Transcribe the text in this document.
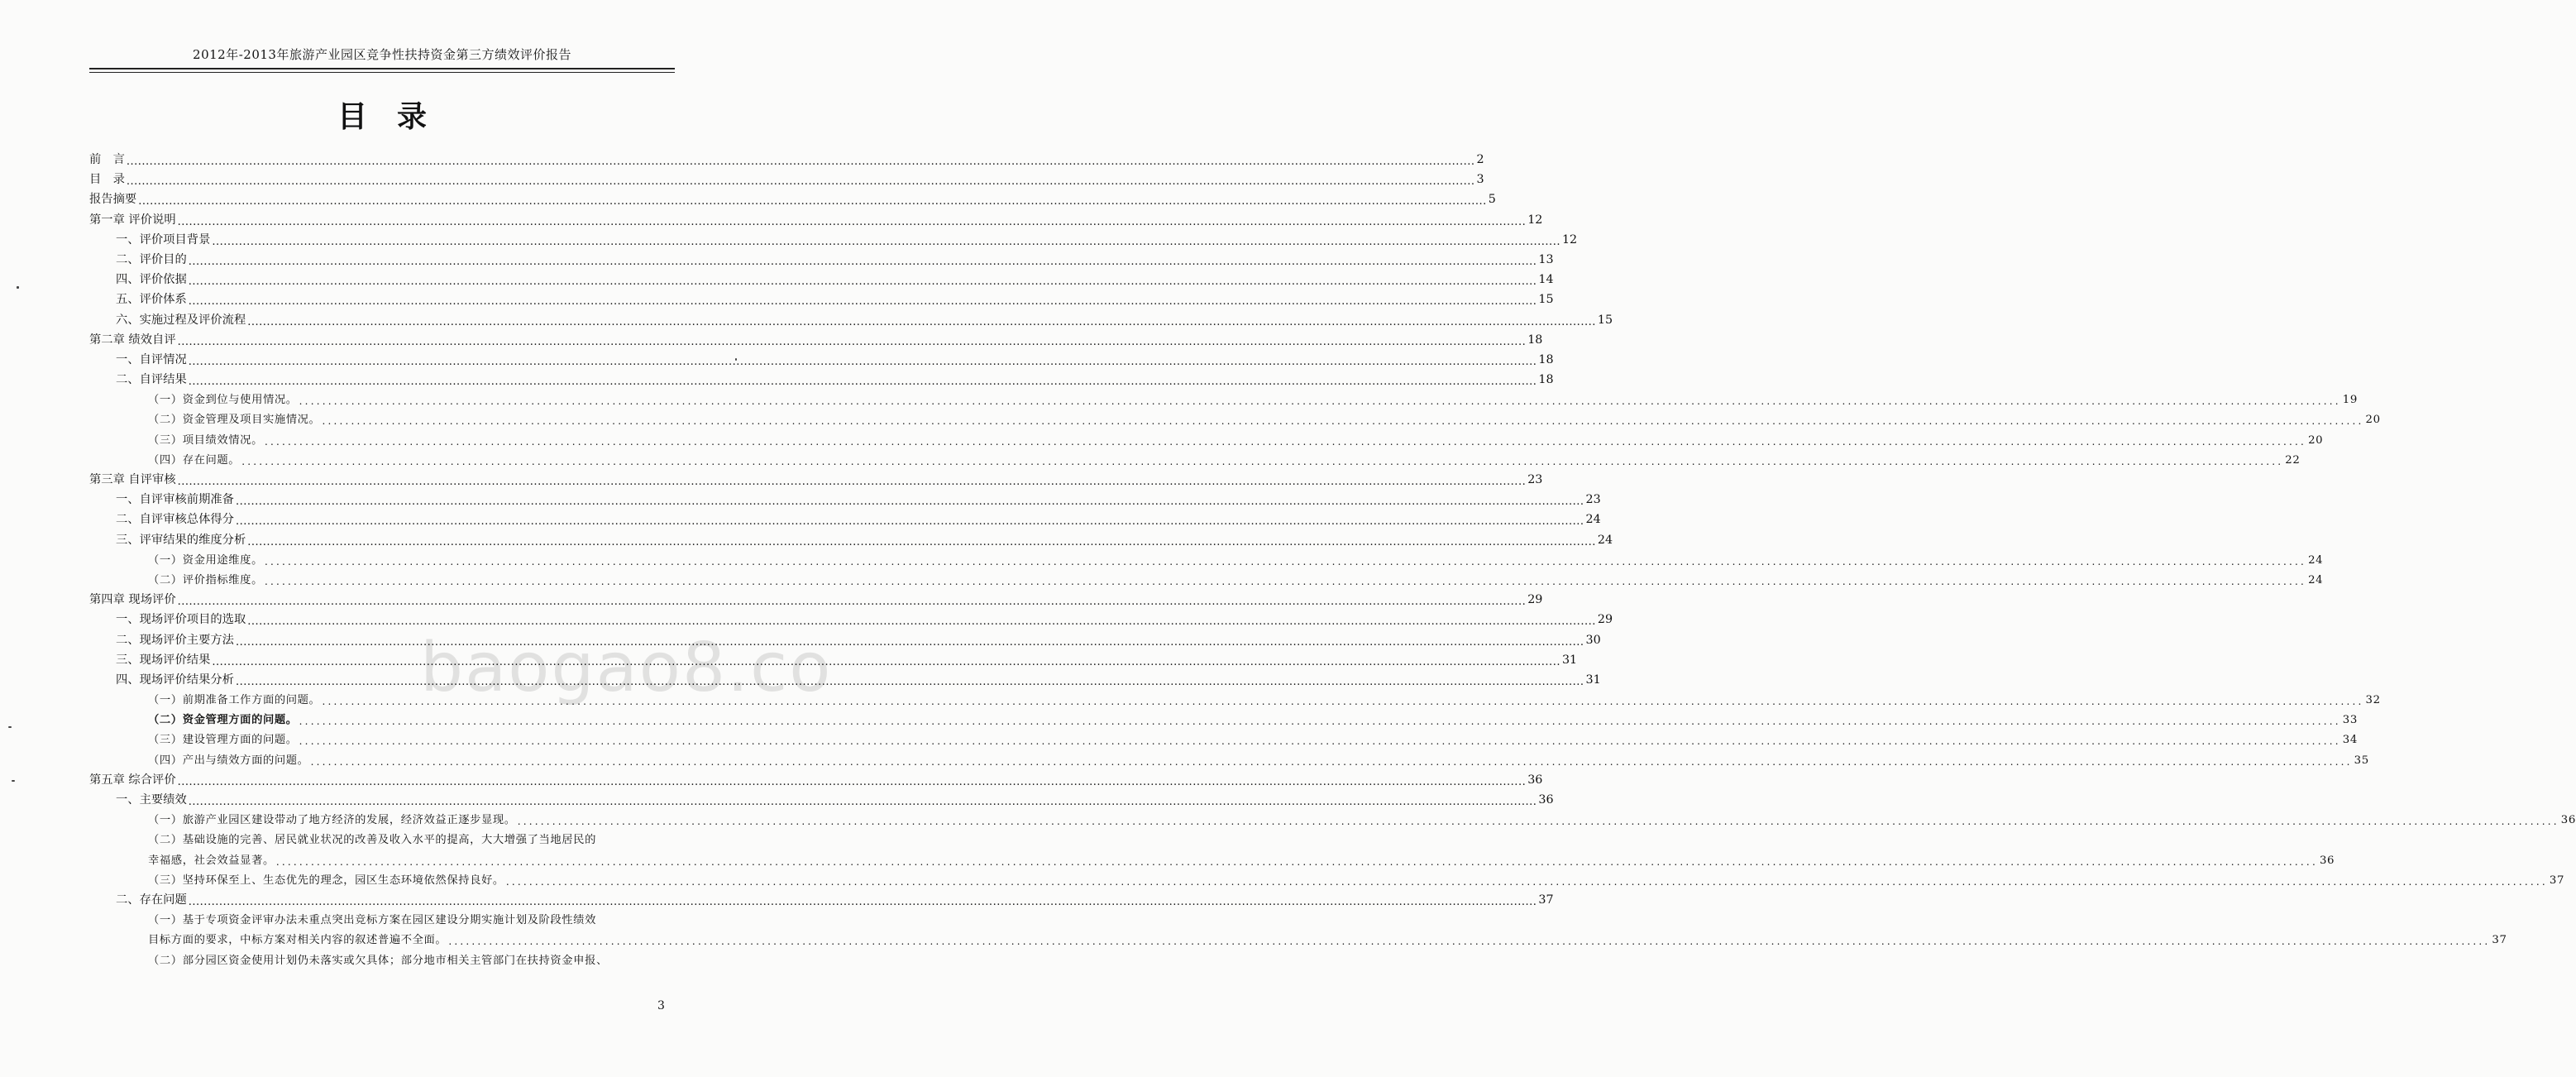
2012年-2013年旅游产业园区竞争性扶持资金第三方绩效评价报告
目　录
前　言 .....	2
目　录 .....	3
报告摘要 .....	5
第一章 评价说明 .....	12
一、评价项目背景 .....	12
二、评价目的 .....	13
四、评价依据 .....	14
五、评价体系 .....	15
六、实施过程及评价流程 .....	15
第二章 绩效自评 .....	18
一、自评情况 .....	18
二、自评结果 .....	18
（一）资金到位与使用情况。 .....	19
（二）资金管理及项目实施情况。 .....	20
（三）项目绩效情况。 .....	20
（四）存在问题。 .....	22
第三章 自评审核 .....	23
一、自评审核前期准备 .....	23
二、自评审核总体得分 .....	24
三、评审结果的维度分析 .....	24
（一）资金用途维度。 .....	24
（二）评价指标维度。 .....	24
第四章 现场评价 .....	29
一、现场评价项目的选取 .....	29
二、现场评价主要方法 .....	30
三、现场评价结果 .....	31
四、现场评价结果分析 .....	31
（一）前期准备工作方面的问题。 .....	32
（二）资金管理方面的问题。 .....	33
（三）建设管理方面的问题。 .....	34
（四）产出与绩效方面的问题。 .....	35
第五章 综合评价 .....	36
一、主要绩效 .....	36
（一）旅游产业园区建设带动了地方经济的发展，经济效益正逐步显现。 .....	36
（二）基础设施的完善、居民就业状况的改善及收入水平的提高，大大增强了当地居民的
幸福感，社会效益显著。 .....	36
（三）坚持环保至上、生态优先的理念，园区生态环境依然保持良好。 .....	37
二、存在问题 .....	37
（一）基于专项资金评审办法未重点突出竞标方案在园区建设分期实施计划及阶段性绩效
目标方面的要求，中标方案对相关内容的叙述普遍不全面。 .....	37
（二）部分园区资金使用计划仍未落实或欠具体；部分地市相关主管部门在扶持资金申报、
baogao8.co
3
